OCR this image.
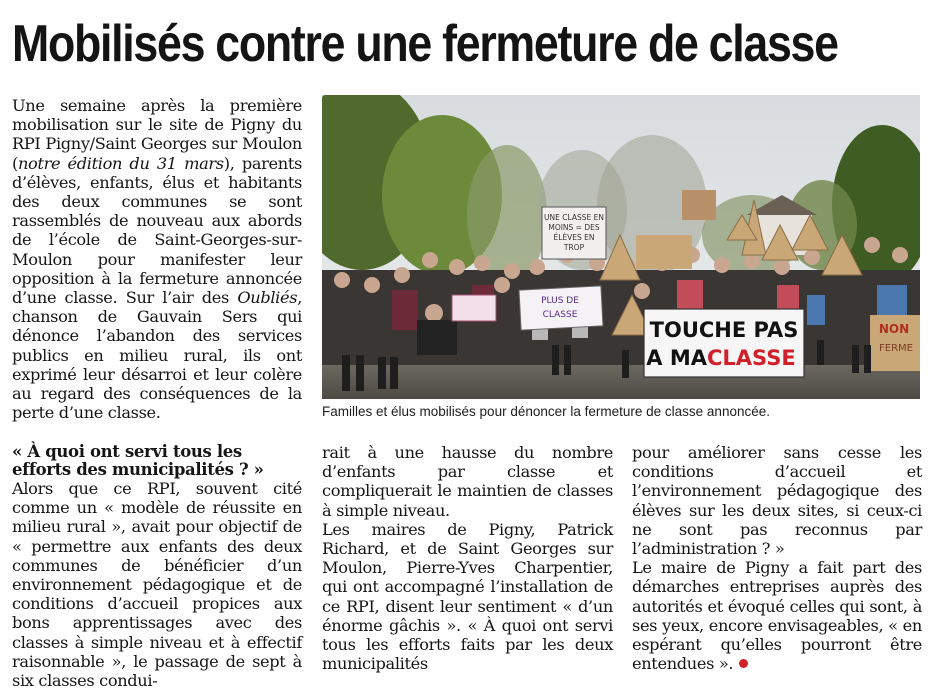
Mobilisés contre une fermeture de classe

Une semaine après la première mobilisation sur le site de Pigny du RPI Pigny/Saint Georges sur Moulon (notre édition du 31 mars), parents d’élèves, enfants, élus et habitants des deux communes se sont rassemblés de nouveau aux abords de l’école de Saint-Georges-sur-Moulon pour manifester leur opposition à la fermeture annoncée d’une classe. Sur l’air des Oubliés, chanson de Gauvain Sers qui dénonce l’abandon des services publics en milieu rural, ils ont exprimé leur désarroi et leur colère au regard des conséquences de la perte d’une classe.

UNE CLASSE EN
MOINS = DES
ÉLÈVES EN
TROP
PLUS DE
CLASSE
TOUCHE PAS
A MA CLASSE
NON
FERME
Familles et élus mobilisés pour dénoncer la fermeture de classe annoncée.

« À quoi ont servi tous les efforts des municipalités ? »

Alors que ce RPI, souvent cité comme un « modèle de réussite en milieu rural », avait pour objectif de « permettre aux enfants des deux communes de bénéficier d’un environnement pédagogique et de conditions d’accueil propices aux bons apprentissages avec des classes à simple niveau et à effectif raisonnable », le passage de sept à six classes condui-

rait à une hausse du nombre d’enfants par classe et compliquerait le maintien de classes à simple niveau.

Les maires de Pigny, Patrick Richard, et de Saint Georges sur Moulon, Pierre-Yves Charpentier, qui ont accompagné l’installation de ce RPI, disent leur sentiment « d’un énorme gâchis ». « À quoi ont servi tous les efforts faits par les deux municipalités

pour améliorer sans cesse les conditions d’accueil et l’environnement pédagogique des élèves sur les deux sites, si ceux-ci ne sont pas reconnus par l’administration ? »

Le maire de Pigny a fait part des démarches entreprises auprès des autorités et évoqué celles qui sont, à ses yeux, encore envisageables, « en espérant qu’elles pourront être entendues ».
